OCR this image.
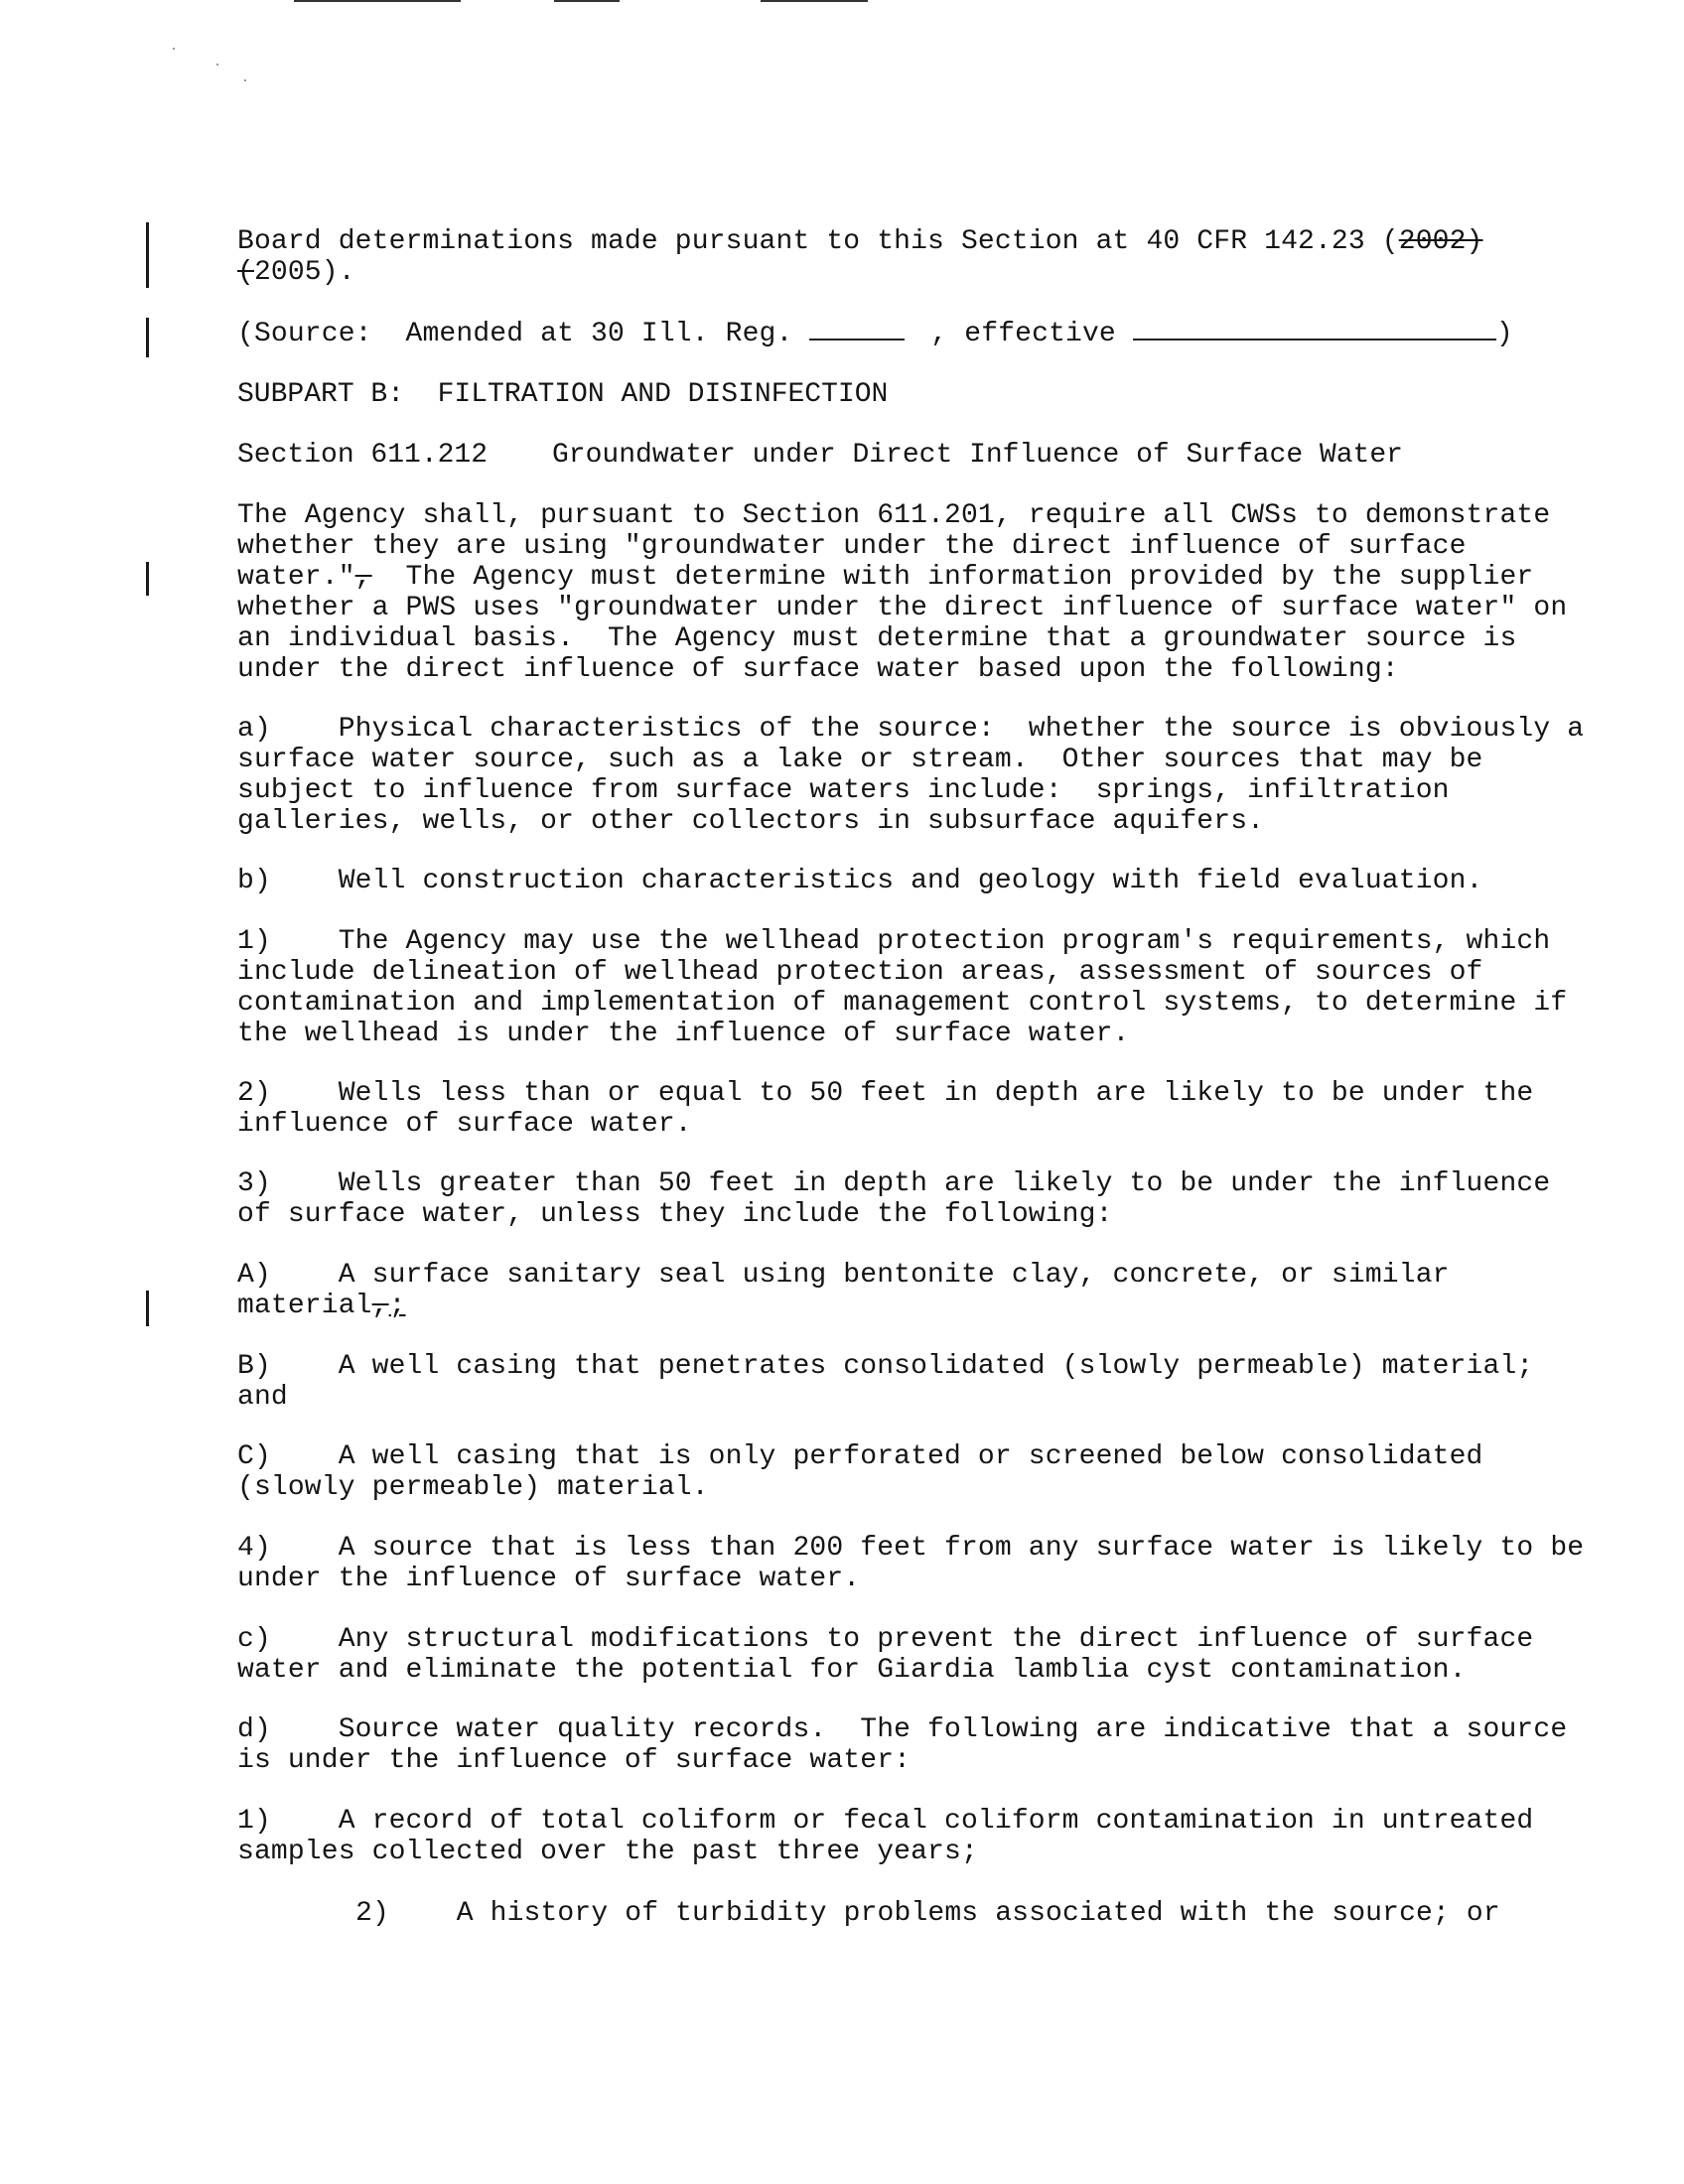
Board determinations made pursuant to this Section at 40 CFR 142.23 (2002)
(2005).
(Source:  Amended at 30 Ill. Reg.	, effective	)
SUBPART B:  FILTRATION AND DISINFECTION
Section 611.212 Groundwater under Direct Influence of Surface Water
The Agency shall, pursuant to Section 611.201, require all CWSs to demonstrate
whether they are using "groundwater under the direct influence of surface
water.",  The Agency must determine with information provided by the supplier
whether a PWS uses "groundwater under the direct influence of surface water" on
an individual basis.  The Agency must determine that a groundwater source is
under the direct influence of surface water based upon the following:
a)    Physical characteristics of the source:  whether the source is obviously a
surface water source, such as a lake or stream.  Other sources that may be
subject to influence from surface waters include:  springs, infiltration
galleries, wells, or other collectors in subsurface aquifers.
b)    Well construction characteristics and geology with field evaluation.
1)    The Agency may use the wellhead protection program's requirements, which
include delineation of wellhead protection areas, assessment of sources of
contamination and implementation of management control systems, to determine if
the wellhead is under the influence of surface water.
2)    Wells less than or equal to 50 feet in depth are likely to be under the
influence of surface water.
3)    Wells greater than 50 feet in depth are likely to be under the influence
of surface water, unless they include the following:
A)    A surface sanitary seal using bentonite clay, concrete, or similar
material,;
B)    A well casing that penetrates consolidated (slowly permeable) material;
and
C)    A well casing that is only perforated or screened below consolidated
(slowly permeable) material.
4)    A source that is less than 200 feet from any surface water is likely to be
under the influence of surface water.
c)    Any structural modifications to prevent the direct influence of surface
water and eliminate the potential for Giardia lamblia cyst contamination.
d)    Source water quality records.  The following are indicative that a source
is under the influence of surface water:
1)    A record of total coliform or fecal coliform contamination in untreated
samples collected over the past three years;
2)    A history of turbidity problems associated with the source; or
